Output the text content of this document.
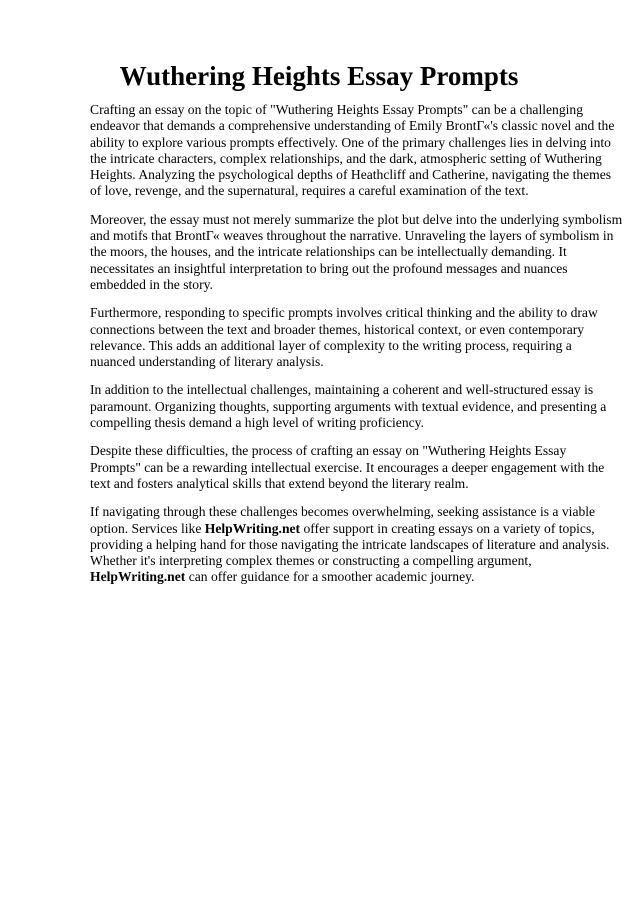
Wuthering Heights Essay Prompts

Crafting an essay on the topic of "Wuthering Heights Essay Prompts" can be a challenging
endeavor that demands a comprehensive understanding of Emily BrontГ«'s classic novel and the
ability to explore various prompts effectively. One of the primary challenges lies in delving into
the intricate characters, complex relationships, and the dark, atmospheric setting of Wuthering
Heights. Analyzing the psychological depths of Heathcliff and Catherine, navigating the themes
of love, revenge, and the supernatural, requires a careful examination of the text.

Moreover, the essay must not merely summarize the plot but delve into the underlying symbolism
and motifs that BrontГ« weaves throughout the narrative. Unraveling the layers of symbolism in
the moors, the houses, and the intricate relationships can be intellectually demanding. It
necessitates an insightful interpretation to bring out the profound messages and nuances
embedded in the story.

Furthermore, responding to specific prompts involves critical thinking and the ability to draw
connections between the text and broader themes, historical context, or even contemporary
relevance. This adds an additional layer of complexity to the writing process, requiring a
nuanced understanding of literary analysis.

In addition to the intellectual challenges, maintaining a coherent and well-structured essay is
paramount. Organizing thoughts, supporting arguments with textual evidence, and presenting a
compelling thesis demand a high level of writing proficiency.

Despite these difficulties, the process of crafting an essay on "Wuthering Heights Essay
Prompts" can be a rewarding intellectual exercise. It encourages a deeper engagement with the
text and fosters analytical skills that extend beyond the literary realm.

If navigating through these challenges becomes overwhelming, seeking assistance is a viable
option. Services like HelpWriting.net offer support in creating essays on a variety of topics,
providing a helping hand for those navigating the intricate landscapes of literature and analysis.
Whether it's interpreting complex themes or constructing a compelling argument,
HelpWriting.net can offer guidance for a smoother academic journey.
